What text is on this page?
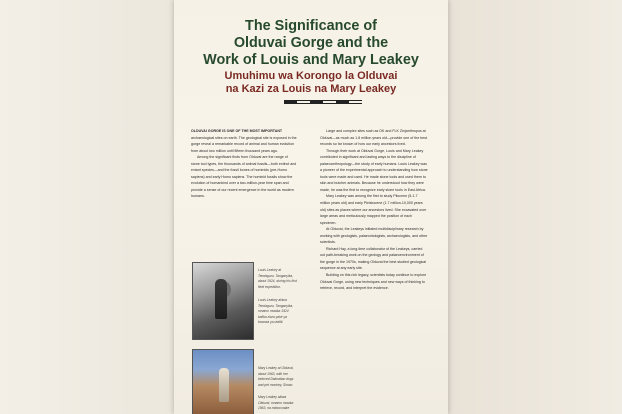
The Significance of
Olduvai Gorge and the
Work of Louis and Mary Leakey
Umuhimu wa Korongo la Olduvai
na Kazi za Louis na Mary Leakey

OLDUVAI GORGE IS ONE OF THE MOST IMPORTANT archaeological sites on earth. The geological site is exposed in the gorge reveal a remarkable record of animal and human evolution from about two million until fifteen thousand years ago.

Among the significant finds from Olduvai are the range of stone tool types, the thousands of animal fossils—both extinct and extant species—and the fossil bones of hominids (pre-Homo sapiens) and early Homo sapiens. The hominid fossils show the evolution of humankind over a two-million-year time span and provide a sense of our recent emergence in the world as modern humans.

Large and complex sites such as DK and FLK Zinjanthropus at Olduvai—as much as 1.8 million years old—provide one of the best records so far known of how our early ancestors lived.

Through their work at Olduvai Gorge, Louis and Mary Leakey contributed in significant and lasting ways to the discipline of palaeoanthropology—the study of early humans. Louis Leakey was a pioneer of the experimental approach to understanding how stone tools were made and used. He made stone tools and used them to skin and butcher animals. Because he understood how they were made, he was the first to recognize early stone tools in East Africa.

Mary Leakey was among the first to study Pliocene (5-1.7 million years old) and early Pleistocene (1.7 million-10,000 years old) sites as places where our ancestors lived. She excavated over large areas and meticulously mapped the position of each specimen.

At Olduvai, the Leakeys initiated multidisciplinary research by working with geologists, palaeontologists, archaeologists, and other scientists.

Richard Hay, a long-time collaborator of the Leakeys, carried out path-breaking work on the geology and palaeoenvironment of the gorge in the 1970s, making Olduvai the best studied geological sequence at any early site.

Building on this rich legacy, scientists today continue to explore Olduvai Gorge, using new techniques and new ways of thinking to retrieve, record, and interpret the evidence.

Louis Leakey at Tendaguru, Tanganyika, about 1924, during his first field expedition.
Louis Leakey akiwa Tendaguru, Tanganyika, mnamo mwaka 1924 katika ziara yake ya kwanza ya utafiti.
Mary Leakey at Olduvai, about 1963, with her beloved Dalmatian dogs and pet monkey, Simon.
Mary Leakey akiwa Olduvai, mnamo mwaka 1963, na mbwa wake
